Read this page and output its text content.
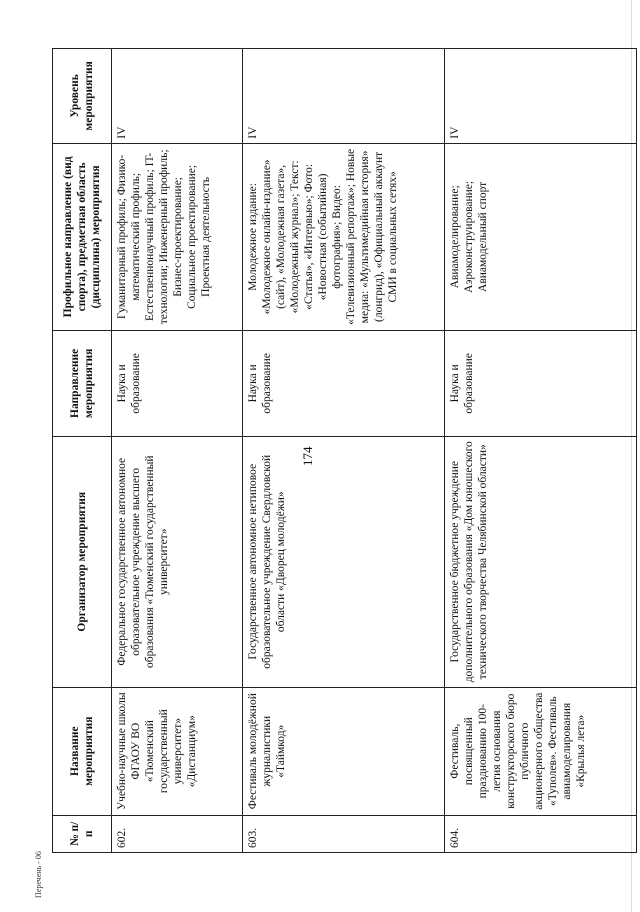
174
№ п/п	Название мероприятия	Организатор мероприятия	Направление мероприятия	Профильное направление (вид спорта), предметная область (дисциплина) мероприятия	Уровень мероприятия
602.	Учебно-научные школы ФГАОУ ВО «Тюменский государственный университет» «Дистанциум»	Федеральное государственное автономное образовательное учреждение высшего образования «Тюменский государственный университет»	Наука и образование	Гуманитарный профиль; Физико-математический профиль; Естественнонаучный профиль; IT-технологии; Инженерный профиль; Бизнес-проектирование; Социальное проектирование; Проектная деятельность	IV
603.	Фестиваль молодёжной журналистики «Таймкод»	Государственное автономное нетиповое образовательное учреждение Свердловской области «Дворец молодёжи»	Наука и образование	Молодежное издание: «Молодежное онлайн-издание» (сайт), «Молодежная газета», «Молодежный журнал»; Текст: «Статья», «Интервью»; Фото: «Новостная (событийная) фотография»; Видео: «Телевизионный репортаж»; Новые медиа: «Мультимедийная история» (лонгрид), «Официальный аккаунт СМИ в социальных сетях»	IV
604.	Фестиваль, посвященный празднованию 100-летия основания конструкторского бюро публичного акционерного общества «Туполев». Фестиваль авиамоделирования «Крылья лета»	Государственное бюджетное учреждение дополнительного образования «Дом юношеского технического творчества Челябинской области»	Наука и образование	Авиамоделирование; Аэроконструирование; Авиамодельный спорт	IV
Перечень - 06
